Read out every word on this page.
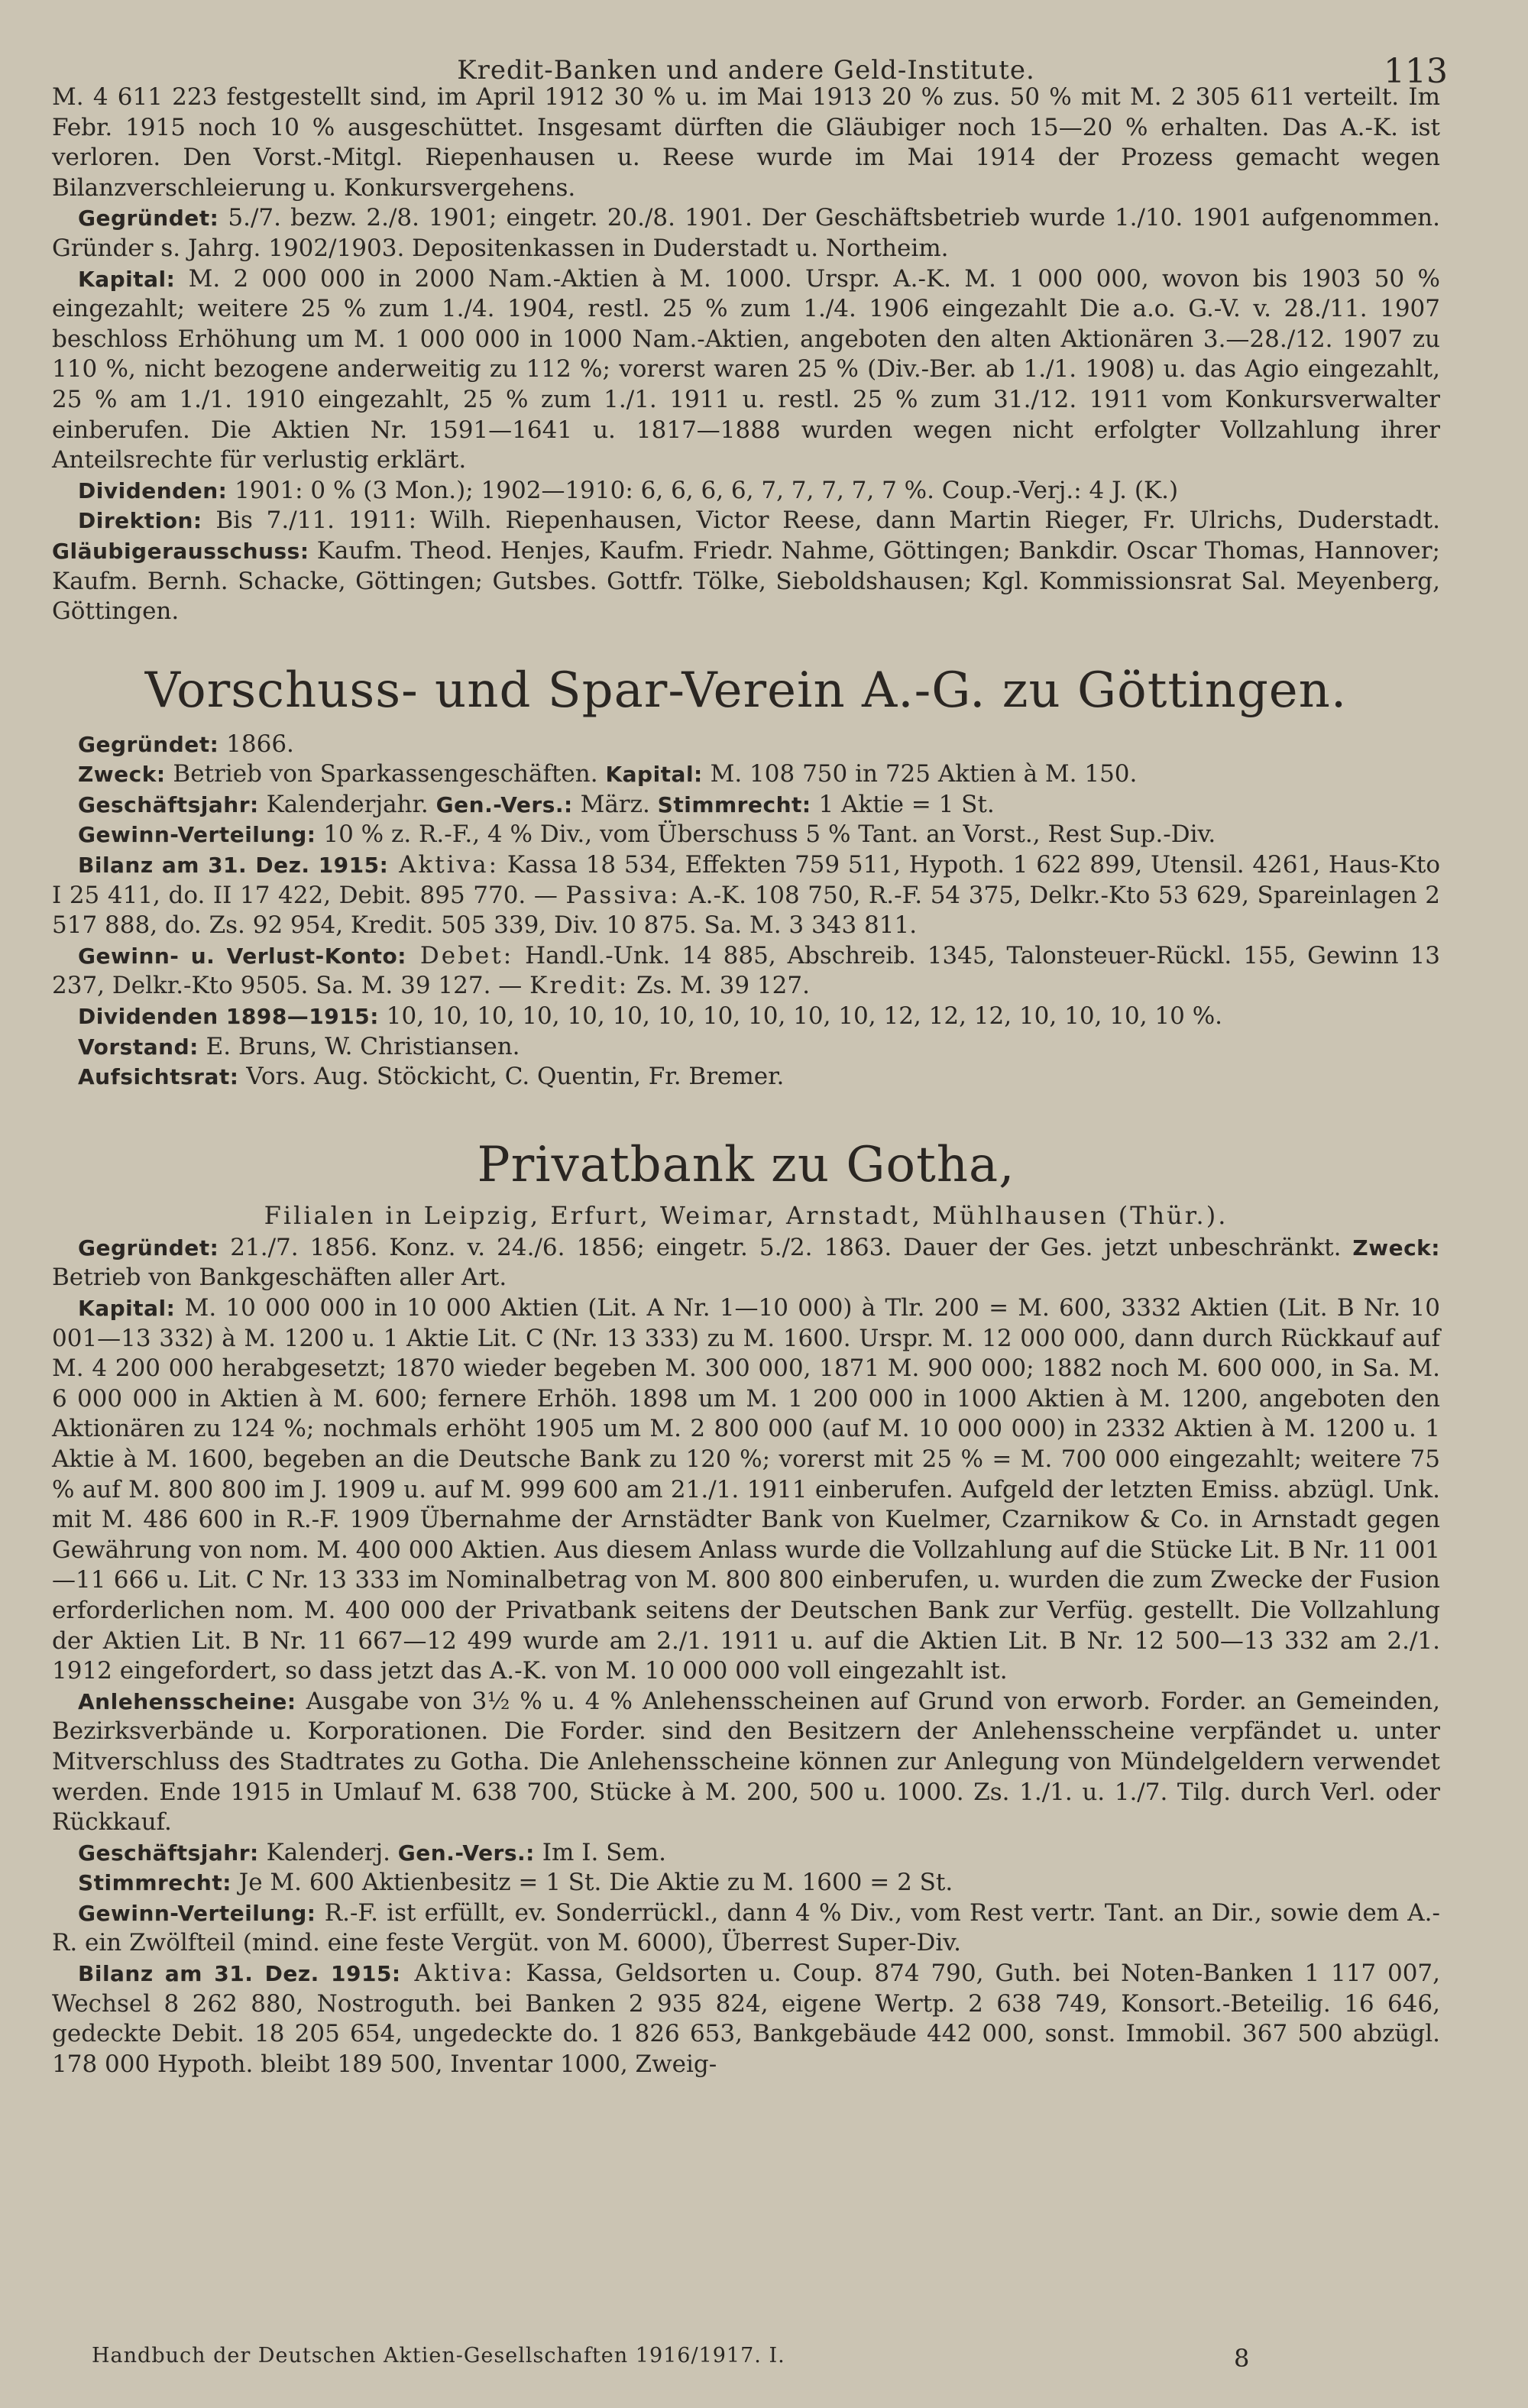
Kredit-Banken und andere Geld-Institute.	113

M. 4 611 223 festgestellt sind, im April 1912 30 % u. im Mai 1913 20 % zus. 50 % mit M. 2 305 611 verteilt. Im Febr. 1915 noch 10 % ausgeschüttet. Insgesamt dürften die Gläubiger noch 15—20 % erhalten. Das A.-K. ist verloren. Den Vorst.-Mitgl. Riepenhausen u. Reese wurde im Mai 1914 der Prozess gemacht wegen Bilanzverschleierung u. Konkursvergehens.

Gegründet: 5./7. bezw. 2./8. 1901; eingetr. 20./8. 1901. Der Geschäftsbetrieb wurde 1./10. 1901 aufgenommen. Gründer s. Jahrg. 1902/1903. Depositenkassen in Duderstadt u. Northeim.

Kapital: M. 2 000 000 in 2000 Nam.-Aktien à M. 1000. Urspr. A.-K. M. 1 000 000, wovon bis 1903 50 % eingezahlt; weitere 25 % zum 1./4. 1904, restl. 25 % zum 1./4. 1906 eingezahlt Die a.o. G.-V. v. 28./11. 1907 beschloss Erhöhung um M. 1 000 000 in 1000 Nam.-Aktien, angeboten den alten Aktionären 3.—28./12. 1907 zu 110 %, nicht bezogene anderweitig zu 112 %; vorerst waren 25 % (Div.-Ber. ab 1./1. 1908) u. das Agio eingezahlt, 25 % am 1./1. 1910 eingezahlt, 25 % zum 1./1. 1911 u. restl. 25 % zum 31./12. 1911 vom Konkursverwalter einberufen. Die Aktien Nr. 1591—1641 u. 1817—1888 wurden wegen nicht erfolgter Vollzahlung ihrer Anteilsrechte für verlustig erklärt.

Dividenden: 1901: 0 % (3 Mon.); 1902—1910: 6, 6, 6, 6, 7, 7, 7, 7, 7 %. Coup.-Verj.: 4 J. (K.)

Direktion: Bis 7./11. 1911: Wilh. Riepenhausen, Victor Reese, dann Martin Rieger, Fr. Ulrichs, Duderstadt. Gläubigerausschuss: Kaufm. Theod. Henjes, Kaufm. Friedr. Nahme, Göttingen; Bankdir. Oscar Thomas, Hannover; Kaufm. Bernh. Schacke, Göttingen; Gutsbes. Gottfr. Tölke, Sieboldshausen; Kgl. Kommissionsrat Sal. Meyenberg, Göttingen.

Vorschuss- und Spar-Verein A.-G. zu Göttingen.

Gegründet: 1866.

Zweck: Betrieb von Sparkassengeschäften. Kapital: M. 108 750 in 725 Aktien à M. 150.

Geschäftsjahr: Kalenderjahr. Gen.-Vers.: März. Stimmrecht: 1 Aktie = 1 St.

Gewinn-Verteilung: 10 % z. R.-F., 4 % Div., vom Überschuss 5 % Tant. an Vorst., Rest Sup.-Div.

Bilanz am 31. Dez. 1915: Aktiva: Kassa 18 534, Effekten 759 511, Hypoth. 1 622 899, Utensil. 4261, Haus-Kto I 25 411, do. II 17 422, Debit. 895 770. — Passiva: A.-K. 108 750, R.-F. 54 375, Delkr.-Kto 53 629, Spareinlagen 2 517 888, do. Zs. 92 954, Kredit. 505 339, Div. 10 875. Sa. M. 3 343 811.

Gewinn- u. Verlust-Konto: Debet: Handl.-Unk. 14 885, Abschreib. 1345, Talonsteuer-Rückl. 155, Gewinn 13 237, Delkr.-Kto 9505. Sa. M. 39 127. — Kredit: Zs. M. 39 127.

Dividenden 1898—1915: 10, 10, 10, 10, 10, 10, 10, 10, 10, 10, 10, 12, 12, 12, 10, 10, 10, 10 %.

Vorstand: E. Bruns, W. Christiansen.

Aufsichtsrat: Vors. Aug. Stöckicht, C. Quentin, Fr. Bremer.

Privatbank zu Gotha,
Filialen in Leipzig, Erfurt, Weimar, Arnstadt, Mühlhausen (Thür.).

Gegründet: 21./7. 1856. Konz. v. 24./6. 1856; eingetr. 5./2. 1863. Dauer der Ges. jetzt unbeschränkt. Zweck: Betrieb von Bankgeschäften aller Art.

Kapital: M. 10 000 000 in 10 000 Aktien (Lit. A Nr. 1—10 000) à Tlr. 200 = M. 600, 3332 Aktien (Lit. B Nr. 10 001—13 332) à M. 1200 u. 1 Aktie Lit. C (Nr. 13 333) zu M. 1600. Urspr. M. 12 000 000, dann durch Rückkauf auf M. 4 200 000 herabgesetzt; 1870 wieder begeben M. 300 000, 1871 M. 900 000; 1882 noch M. 600 000, in Sa. M. 6 000 000 in Aktien à M. 600; fernere Erhöh. 1898 um M. 1 200 000 in 1000 Aktien à M. 1200, angeboten den Aktionären zu 124 %; nochmals erhöht 1905 um M. 2 800 000 (auf M. 10 000 000) in 2332 Aktien à M. 1200 u. 1 Aktie à M. 1600, begeben an die Deutsche Bank zu 120 %; vorerst mit 25 % = M. 700 000 eingezahlt; weitere 75 % auf M. 800 800 im J. 1909 u. auf M. 999 600 am 21./1. 1911 einberufen. Aufgeld der letzten Emiss. abzügl. Unk. mit M. 486 600 in R.-F. 1909 Übernahme der Arnstädter Bank von Kuelmer, Czarnikow & Co. in Arnstadt gegen Gewährung von nom. M. 400 000 Aktien. Aus diesem Anlass wurde die Vollzahlung auf die Stücke Lit. B Nr. 11 001—11 666 u. Lit. C Nr. 13 333 im Nominalbetrag von M. 800 800 einberufen, u. wurden die zum Zwecke der Fusion erforderlichen nom. M. 400 000 der Privatbank seitens der Deutschen Bank zur Verfüg. gestellt. Die Vollzahlung der Aktien Lit. B Nr. 11 667—12 499 wurde am 2./1. 1911 u. auf die Aktien Lit. B Nr. 12 500—13 332 am 2./1. 1912 eingefordert, so dass jetzt das A.-K. von M. 10 000 000 voll eingezahlt ist.

Anlehensscheine: Ausgabe von 3½ % u. 4 % Anlehensscheinen auf Grund von erworb. Forder. an Gemeinden, Bezirksverbände u. Korporationen. Die Forder. sind den Besitzern der Anlehensscheine verpfändet u. unter Mitverschluss des Stadtrates zu Gotha. Die Anlehensscheine können zur Anlegung von Mündelgeldern verwendet werden. Ende 1915 in Umlauf M. 638 700, Stücke à M. 200, 500 u. 1000. Zs. 1./1. u. 1./7. Tilg. durch Verl. oder Rückkauf.

Geschäftsjahr: Kalenderj. Gen.-Vers.: Im I. Sem.

Stimmrecht: Je M. 600 Aktienbesitz = 1 St. Die Aktie zu M. 1600 = 2 St.

Gewinn-Verteilung: R.-F. ist erfüllt, ev. Sonderrückl., dann 4 % Div., vom Rest vertr. Tant. an Dir., sowie dem A.-R. ein Zwölfteil (mind. eine feste Vergüt. von M. 6000), Überrest Super-Div.

Bilanz am 31. Dez. 1915: Aktiva: Kassa, Geldsorten u. Coup. 874 790, Guth. bei Noten-Banken 1 117 007, Wechsel 8 262 880, Nostroguth. bei Banken 2 935 824, eigene Wertp. 2 638 749, Konsort.-Beteilig. 16 646, gedeckte Debit. 18 205 654, ungedeckte do. 1 826 653, Bankgebäude 442 000, sonst. Immobil. 367 500 abzügl. 178 000 Hypoth. bleibt 189 500, Inventar 1000, Zweig-

Handbuch der Deutschen Aktien-Gesellschaften 1916/1917. I.	8
